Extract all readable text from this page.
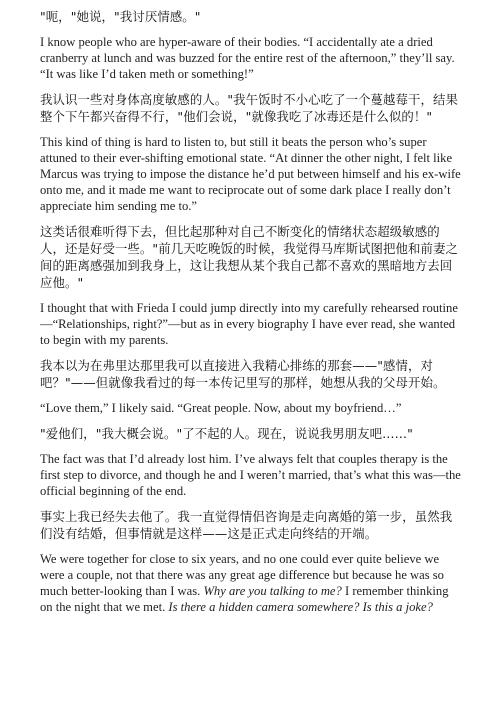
"呃，"她说，"我讨厌情感。"

I know people who are hyper-aware of their bodies. “I accidentally ate a dried cranberry at lunch and was buzzed for the entire rest of the afternoon,” they’ll say. “It was like I’d taken meth or something!”

我认识一些对身体高度敏感的人。"我午饭时不小心吃了一个蔓越莓干，结果整个下午都兴奋得不行，"他们会说，"就像我吃了冰毒还是什么似的！"

This kind of thing is hard to listen to, but still it beats the person who’s super attuned to their ever-shifting emotional state. “At dinner the other night, I felt like Marcus was trying to impose the distance he’d put between himself and his ex-wife onto me, and it made me want to reciprocate out of some dark place I really don’t appreciate him sending me to.”

这类话很难听得下去，但比起那种对自己不断变化的情绪状态超级敏感的人，还是好受一些。"前几天吃晚饭的时候，我觉得马库斯试图把他和前妻之间的距离感强加到我身上，这让我想从某个我自己都不喜欢的黑暗地方去回应他。"

I thought that with Frieda I could jump directly into my carefully rehearsed routine—“Relationships, right?”—but as in every biography I have ever read, she wanted to begin with my parents.

我本以为在弗里达那里我可以直接进入我精心排练的那套——"感情，对吧？"——但就像我看过的每一本传记里写的那样，她想从我的父母开始。

“Love them,” I likely said. “Great people. Now, about my boyfriend…”

"爱他们，"我大概会说。"了不起的人。现在，说说我男朋友吧……"

The fact was that I’d already lost him. I’ve always felt that couples therapy is the first step to divorce, and though he and I weren’t married, that’s what this was—the official beginning of the end.

事实上我已经失去他了。我一直觉得情侣咨询是走向离婚的第一步，虽然我们没有结婚，但事情就是这样——这是正式走向终结的开端。

We were together for close to six years, and no one could ever quite believe we were a couple, not that there was any great age difference but because he was so much better-looking than I was. Why are you talking to me? I remember thinking on the night that we met. Is there a hidden camera somewhere? Is this a joke?
